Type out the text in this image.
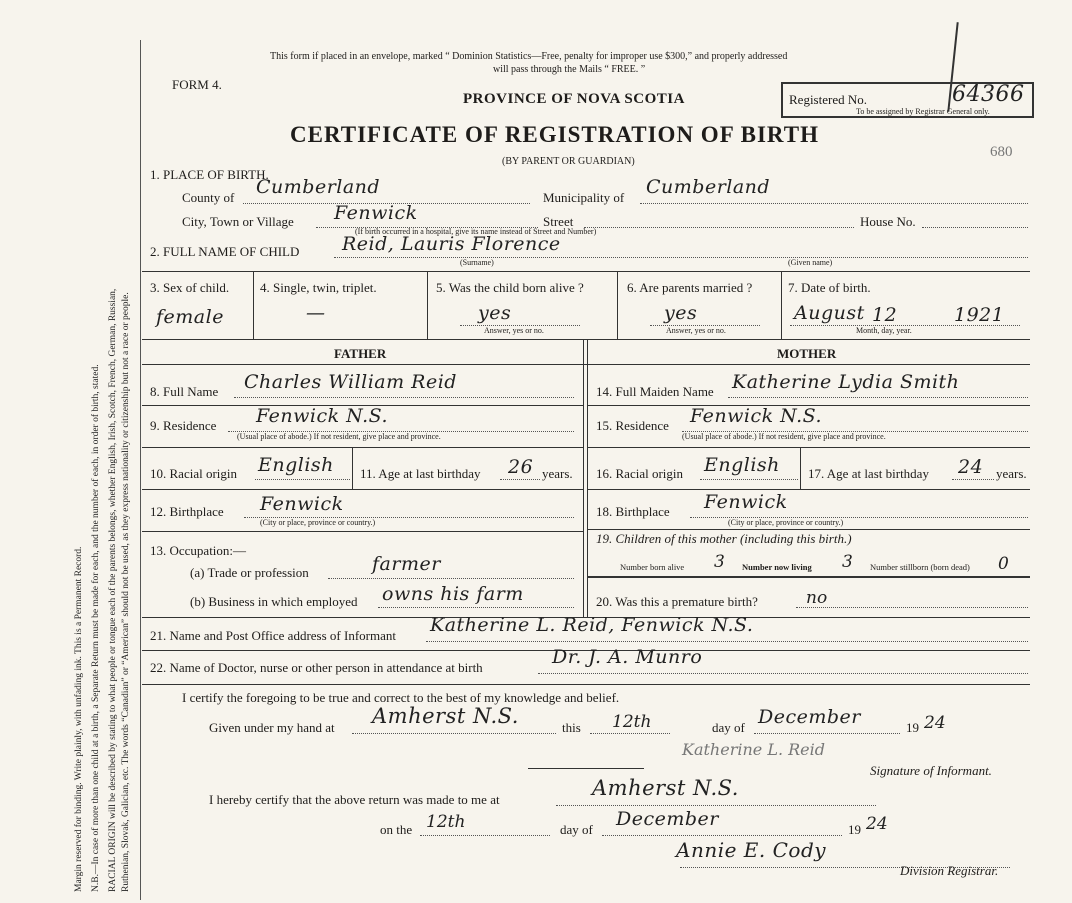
Margin reserved for binding. Write plainly, with unfading ink. This is a Permanent Record. N.B.—In case of more than one child at a birth, a Separate Return must be made for each, and the number of each, in order of birth, stated. RACIAL ORIGIN will be described by stating to what people or tongue each of the parents belongs, whether English, Irish, Scotch, French, German, Russian, Ruthenian, Slovak, Galician, etc. The words “Canadian” or “American” should not be used, as they express nationality or citizenship but not a race or people.
This form if placed in an envelope, marked “ Dominion Statistics—Free, penalty for improper use $300,” and properly addressed
will pass through the Mails “ FREE. ”
FORM 4.
PROVINCE OF NOVA SCOTIA
CERTIFICATE OF REGISTRATION OF BIRTH
(BY PARENT OR GUARDIAN)
Registered No.	64366
To be assigned by Registrar General only.
680
1. PLACE OF BIRTH.
County of Cumberland	Municipality of Cumberland
City, Town or Village Fenwick	Street	House No.
(If birth occurred in a hospital, give its name instead of Street and Number)
2. FULL NAME OF CHILD Reid, Lauris Florence
(Surname)	(Given name)
3. Sex of child.
female
4. Single, twin, triplet.
—
5. Was the child born alive ?
yes
Answer, yes or no.
6. Are parents married ?
yes
Answer, yes or no.
7. Date of birth.
August 12	1921
Month, day, year.
FATHER	MOTHER
8. Full Name Charles William Reid
9. Residence Fenwick N.S.
(Usual place of abode.) If not resident, give place and province.
10. Racial origin English 11. Age at last birthday 26 years.
12. Birthplace Fenwick
(City or place, province or country.)
13. Occupation:—
(a) Trade or profession	farmer
(b) Business in which employed owns his farm
14. Full Maiden Name Katherine Lydia Smith
15. Residence Fenwick N.S.
(Usual place of abode.) If not resident, give place and province.
16. Racial origin English 17. Age at last birthday 24 years.
18. Birthplace Fenwick
(City or place, province or country.)
19. Children of this mother (including this birth.)
Number born alive 3 Number now living 3 Number stillborn (born dead) 0
20. Was this a premature birth?	no
21. Name and Post Office address of Informant Katherine L. Reid, Fenwick N.S.
22. Name of Doctor, nurse or other person in attendance at birth	Dr. J. A. Munro
I certify the foregoing to be true and correct to the best of my knowledge and belief.
Given under my hand at Amherst N.S.	this 12th	day of December	19 24
Katherine L. Reid
Signature of Informant.
I hereby certify that the above return was made to me at	Amherst N.S.
on the 12th	day of December	19 24
Annie E. Cody
Division Registrar.
